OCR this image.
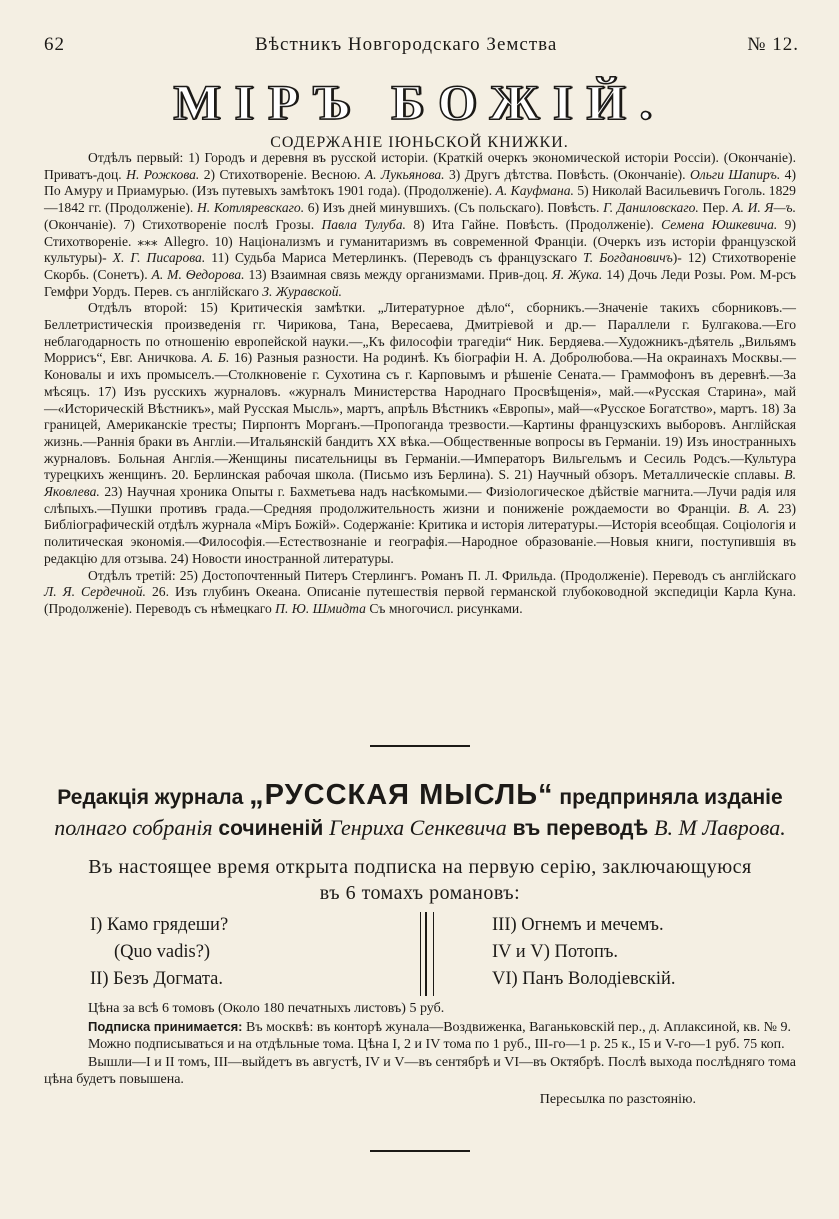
62	Вѣстникъ Новгородскаго Земства	№ 12.
МІРЪ БОЖІЙ.
СОДЕРЖАНІЕ ІЮНЬСКОЙ КНИЖКИ.

Отдѣлъ первый: 1) Городъ и деревня въ русской исторіи. (Краткій очеркъ экономической исторіи Россіи). (Окончаніе). Приватъ-доц. Н. Рожкова. 2) Стихотвореніе. Весною. А. Лукьянова. 3) Другъ дѣтства. Повѣсть. (Окончаніе). Ольги Шапиръ. 4) По Амуру и Приамурью. (Изъ путевыхъ замѣтокъ 1901 года). (Продолженіе). А. Кауфмана. 5) Николай Васильевичъ Гоголь. 1829—1842 гг. (Продолженіе). Н. Котляревскаго. 6) Изъ дней минувшихъ. (Съ польскаго). Повѣсть. Г. Даниловскаго. Пер. А. И. Я—ъ. (Окончаніе). 7) Стихотвореніе послѣ Грозы. Павла Тулуба. 8) Ита Гайне. Повѣсть. (Продолженіе). Семена Юшкевича. 9) Стихотвореніе. ⁎⁎⁎ Allegro. 10) Націонализмъ и гуманитаризмъ въ современной Франціи. (Очеркъ изъ исторіи французской культуры)- Х. Г. Писарова. 11) Судьба Мариса Метерлинкъ. (Переводъ съ французскаго Т. Богдановичъ)- 12) Стихотвореніе Скорбь. (Сонетъ). А. М. Ѳедорова. 13) Взаимная связь между организмами. Прив-доц. Я. Жука. 14) Дочь Леди Розы. Ром. М-рсъ Гемфри Уордъ. Перев. съ англійскаго З. Журавской.

Отдѣлъ второй: 15) Критическія замѣтки. „Литературное дѣло“, сборникъ.—Значеніе такихъ сборниковъ.— Беллетристическія произведенія гг. Чирикова, Тана, Вересаева, Дмитріевой и др.— Параллели г. Булгакова.—Его неблагодарность по отношенію европейской науки.—„Къ философіи трагедіи“ Ник. Бердяева.—Художникъ-дѣятель „Вильямъ Моррисъ“, Евг. Аничкова. А. Б. 16) Разныя разности. На родинѣ. Къ біографіи Н. А. Добролюбова.—На окраинахъ Москвы.— Коновалы и ихъ промыселъ.—Столкновеніе г. Сухотина съ г. Карповымъ и рѣшеніе Сената.— Граммофонъ въ деревнѣ.—За мѣсяцъ. 17) Изъ русскихъ журналовъ. «журналъ Министерства Народнаго Просвѣщенія», май.—«Русская Старина», май—«Историческій Вѣстникъ», май Русская Мысль», мартъ, апрѣль Вѣстникъ «Европы», май—«Русское Богатство», мартъ. 18) За границей, Американскіе тресты; Пирпонтъ Морганъ.—Пропоганда трезвости.—Картины французскихъ выборовъ. Англійская жизнь.—Раннія браки въ Англіи.—Итальянскій бандитъ XX вѣка.—Общественные вопросы въ Германіи. 19) Изъ иностранныхъ журналовъ. Больная Англія.—Женщины писательницы въ Германіи.—Императоръ Вильгельмъ и Сесиль Родсъ.—Культура турецкихъ женщинъ. 20. Берлинская рабочая школа. (Письмо изъ Берлина). S. 21) Научный обзоръ. Металлическіе сплавы. В. Яковлева. 23) Научная хроника Опыты г. Бахметьева надъ насѣкомыми.— Физіологическое дѣйствіе магнита.—Лучи радія иля слѣпыхъ.—Пушки противъ града.—Средняя продолжительность жизни и пониженіе рождаемости во Франціи. В. А. 23) Библіографическій отдѣлъ журнала «Міръ Божій». Содержаніе: Критика и исторія литературы.—Исторія всеобщая. Соціологія и политическая экономія.—Философія.—Естествознаніе и географія.—Народное образованіе.—Новыя книги, поступившія въ редакцію для отзыва. 24) Новости иностранной литературы.

Отдѣлъ третій: 25) Достопочтенный Питеръ Стерлингъ. Романъ П. Л. Фрильда. (Продолженіе). Переводъ съ англійскаго Л. Я. Сердечной. 26. Изъ глубинъ Океана. Описаніе путешествія первой германской глубоководной экспедиціи Карла Куна. (Продолженіе). Переводъ съ нѣмецкаго П. Ю. Шмидта Съ многочисл. рисунками.

Редакція журнала „РУССКАЯ МЫСЛЬ“ предприняла изданіе
полнаго собранія сочиненій Генриха Сенкевича въ переводѣ В. М Лаврова.
Въ настоящее время открыта подписка на первую серію, заключающуюся
въ 6 томахъ романовъ:
I) Камо грядеши?
(Quo vadis?)
II) Безъ Догмата.
III) Огнемъ и мечемъ.
IV и V) Потопъ.
VI) Панъ Володіевскій.

Цѣна за всѣ 6 томовъ (Около 180 печатныхъ листовъ) 5 руб.

Подписка принимается: Въ москвѣ: въ конторѣ жунала—Воздвиженка, Ваганьковскій пер., д. Аплаксиной, кв. № 9.

Можно подписываться и на отдѣльные тома. Цѣна I, 2 и IV тома по 1 руб., III-го—1 р. 25 к., I5 и V-го—1 руб. 75 коп.

Вышли—I и II томъ, III—выйдетъ въ августѣ, IV и V—въ сентябрѣ и VI—въ Октябрѣ. Послѣ выхода послѣдняго тома цѣна будетъ повышена.

Пересылка по разстоянію.
